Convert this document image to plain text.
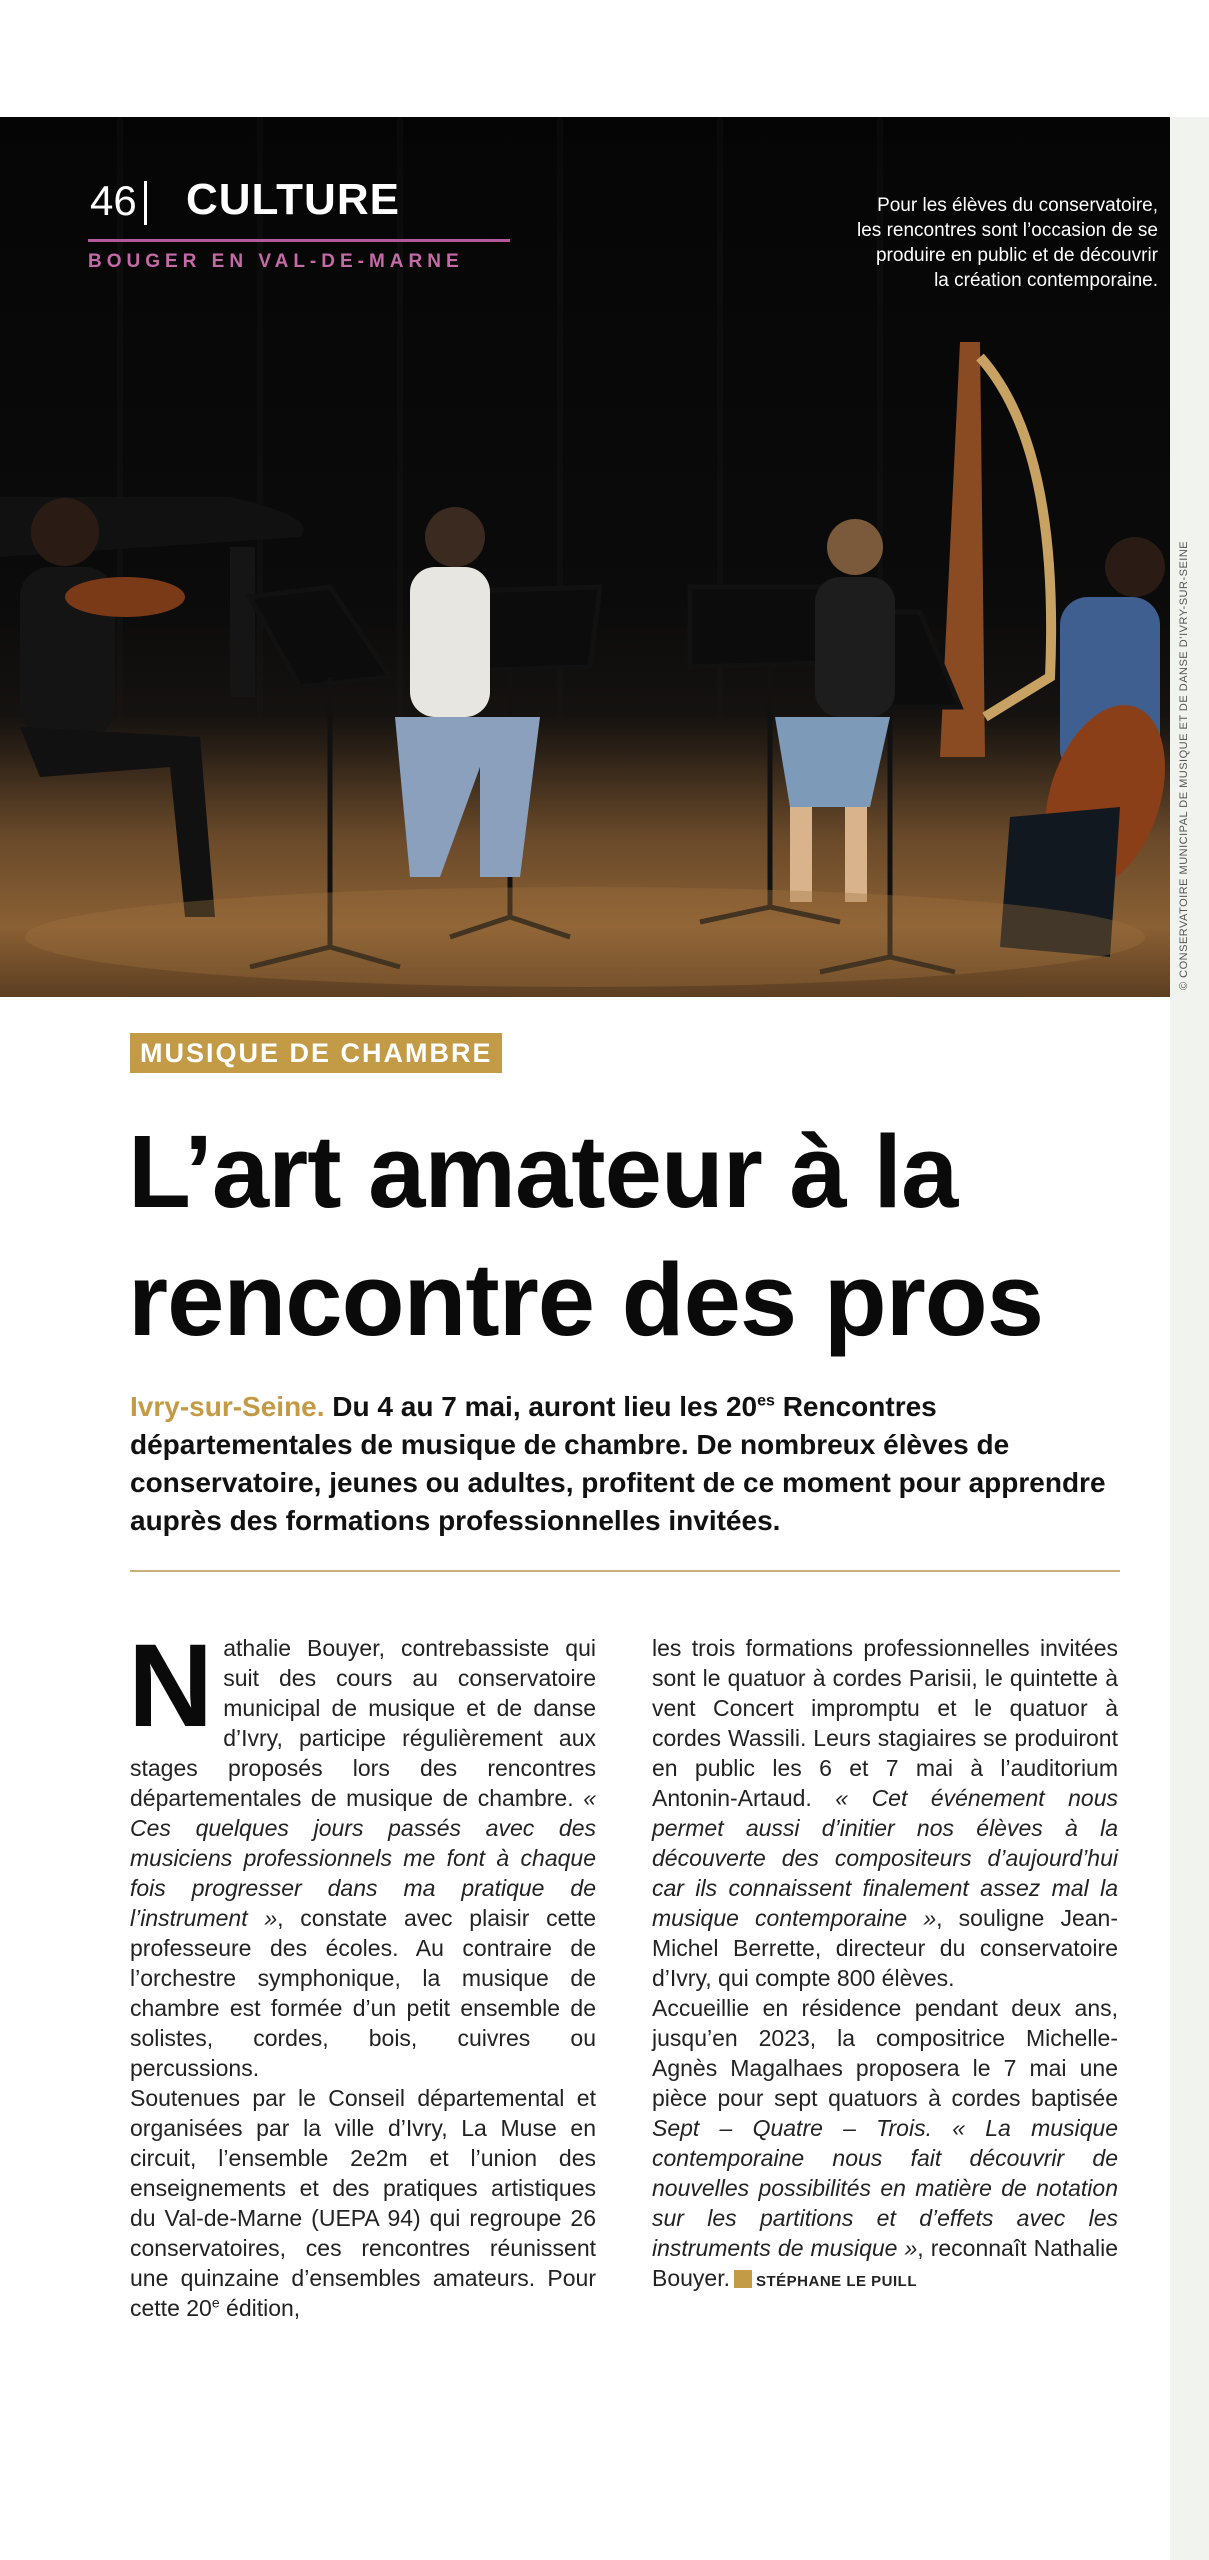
46 CULTURE
BOUGER EN VAL-DE-MARNE
Pour les élèves du conservatoire,
les rencontres sont l’occasion de se
produire en public et de découvrir
la création contemporaine.
© CONSERVATOIRE MUNICIPAL DE MUSIQUE ET DE DANSE D’IVRY-SUR-SEINE
MUSIQUE DE CHAMBRE
L’art amateur à la
rencontre des pros

Ivry-sur-Seine. Du 4 au 7 mai, auront lieu les $20^{es}$ Rencontres départementales de musique de chambre. De nombreux élèves de conservatoire, jeunes ou adultes, profitent de ce moment pour apprendre auprès des formations professionnelles invitées.

Nathalie Bouyer, contrebassiste qui suit des cours au conservatoire municipal de musique et de danse d’Ivry, participe régulièrement aux stages proposés lors des rencontres départementales de musique de chambre. « Ces quelques jours passés avec des musiciens professionnels me font à chaque fois progresser dans ma pratique de l’instrument », constate avec plaisir cette professeure des écoles. Au contraire de l’orchestre symphonique, la musique de chambre est formée d’un petit ensemble de solistes, cordes, bois, cuivres ou percussions.

Soutenues par le Conseil départemental et organisées par la ville d’Ivry, La Muse en circuit, l’ensemble 2e2m et l’union des enseignements et des pratiques artistiques du Val-de-Marne (UEPA 94) qui regroupe 26 conservatoires, ces rencontres réunissent une quinzaine d’ensembles amateurs. Pour cette 20e édition,

les trois formations professionnelles invitées sont le quatuor à cordes Parisii, le quintette à vent Concert impromptu et le quatuor à cordes Wassili. Leurs stagiaires se produiront en public les 6 et 7 mai à l’auditorium Antonin-Artaud. « Cet événement nous permet aussi d’initier nos élèves à la découverte des compositeurs d’aujourd’hui car ils connaissent finalement assez mal la musique contemporaine », souligne Jean-Michel Berrette, directeur du conservatoire d’Ivry, qui compte 800 élèves.

Accueillie en résidence pendant deux ans, jusqu’en 2023, la compositrice Michelle-Agnès Magalhaes proposera le 7 mai une pièce pour sept quatuors à cordes baptisée Sept – Quatre – Trois. « La musique contemporaine nous fait découvrir de nouvelles possibilités en matière de notation sur les partitions et d’effets avec les instruments de musique », reconnaît Nathalie Bouyer. STÉPHANE LE PUILL
